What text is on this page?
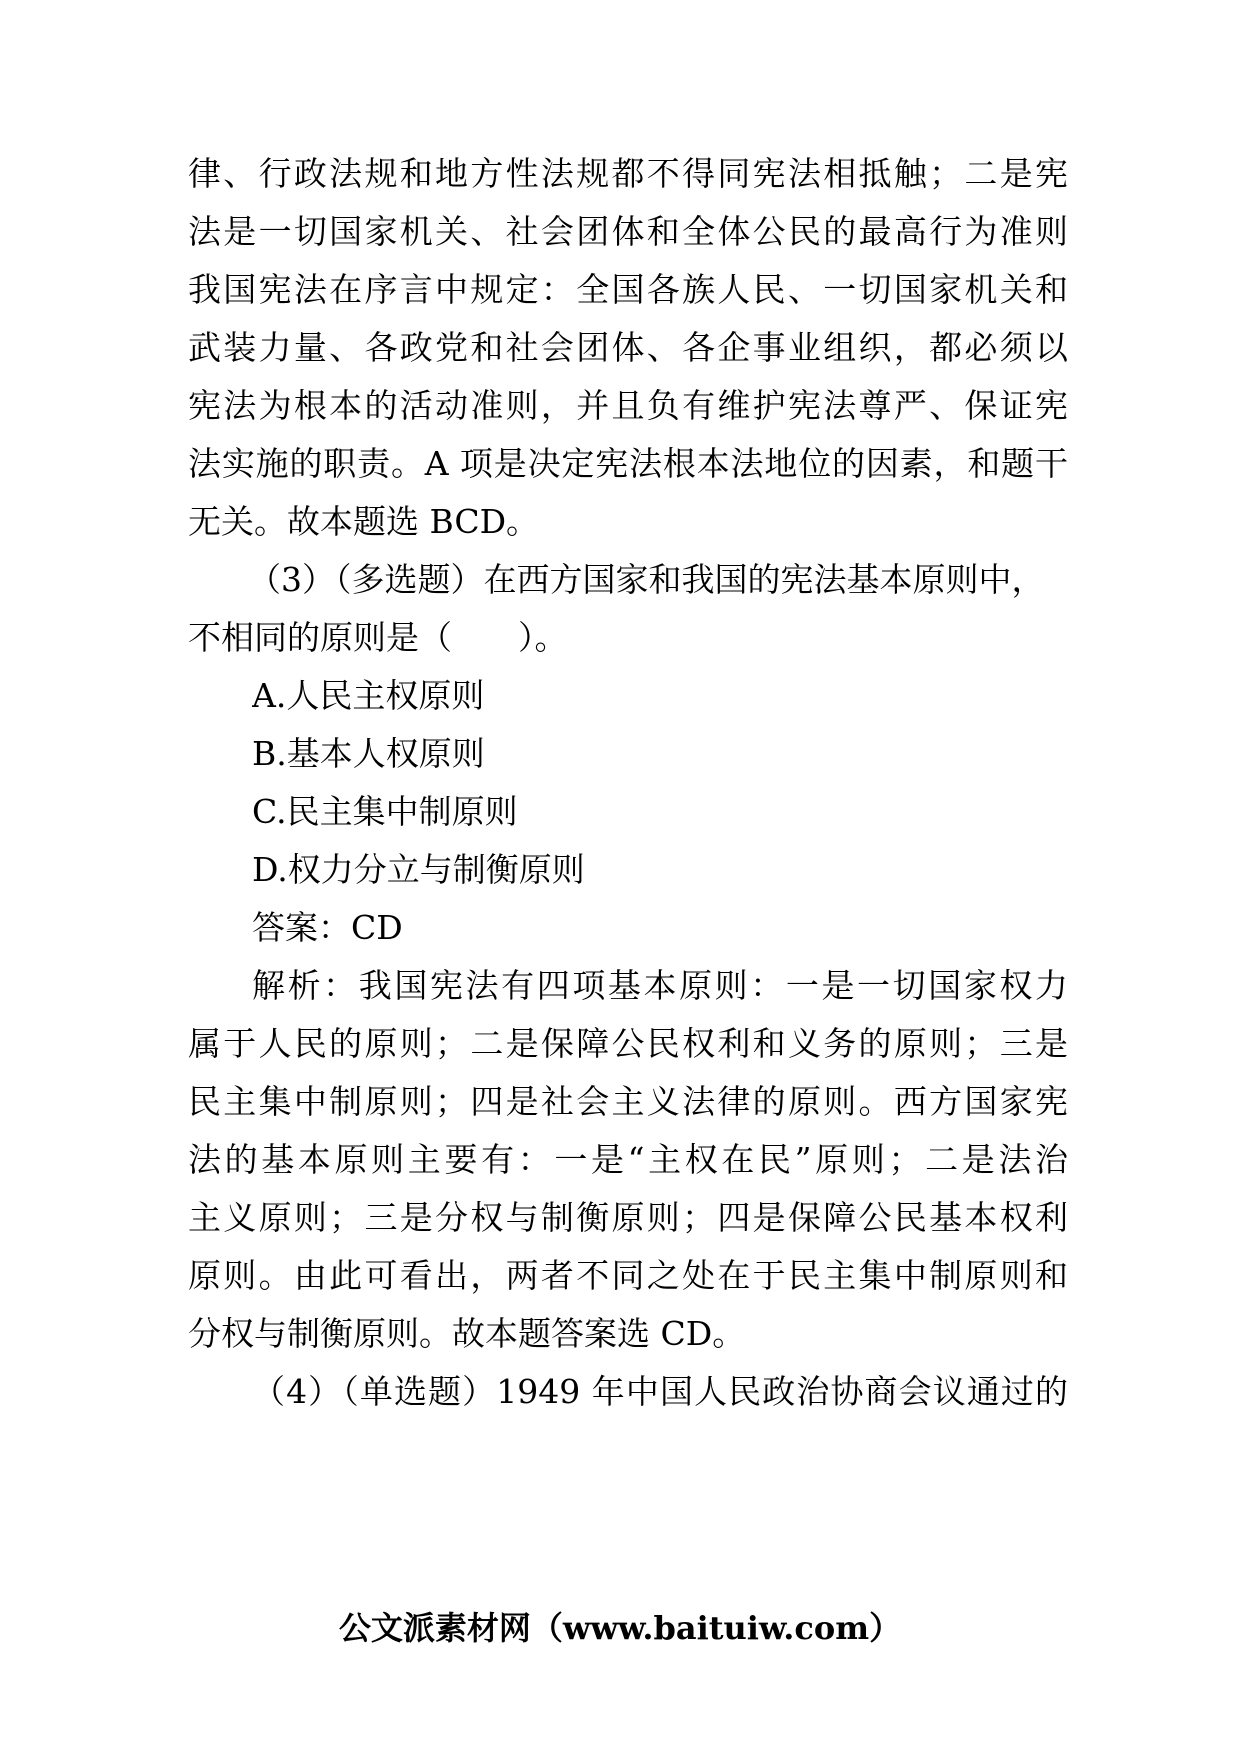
律、行政法规和地方性法规都不得同宪法相抵触；二是宪
法是一切国家机关、社会团体和全体公民的最高行为准则
我国宪法在序言中规定：全国各族人民、一切国家机关和
武装力量、各政党和社会团体、各企事业组织，都必须以
宪法为根本的活动准则，并且负有维护宪法尊严、保证宪
法实施的职责。A 项是决定宪法根本法地位的因素，和题干
无关。故本题选 BCD。
（3）（多选题）在西方国家和我国的宪法基本原则中，
不相同的原则是（　　）。
A.人民主权原则
B.基本人权原则
C.民主集中制原则
D.权力分立与制衡原则
答案：CD
解析：我国宪法有四项基本原则：一是一切国家权力
属于人民的原则；二是保障公民权利和义务的原则；三是
民主集中制原则；四是社会主义法律的原则。西方国家宪
法的基本原则主要有：一是“主权在民”原则；二是法治
主义原则；三是分权与制衡原则；四是保障公民基本权利
原则。由此可看出，两者不同之处在于民主集中制原则和
分权与制衡原则。故本题答案选 CD。
（4）（单选题）1949 年中国人民政治协商会议通过的
公文派素材网（www.baituiw.com）
